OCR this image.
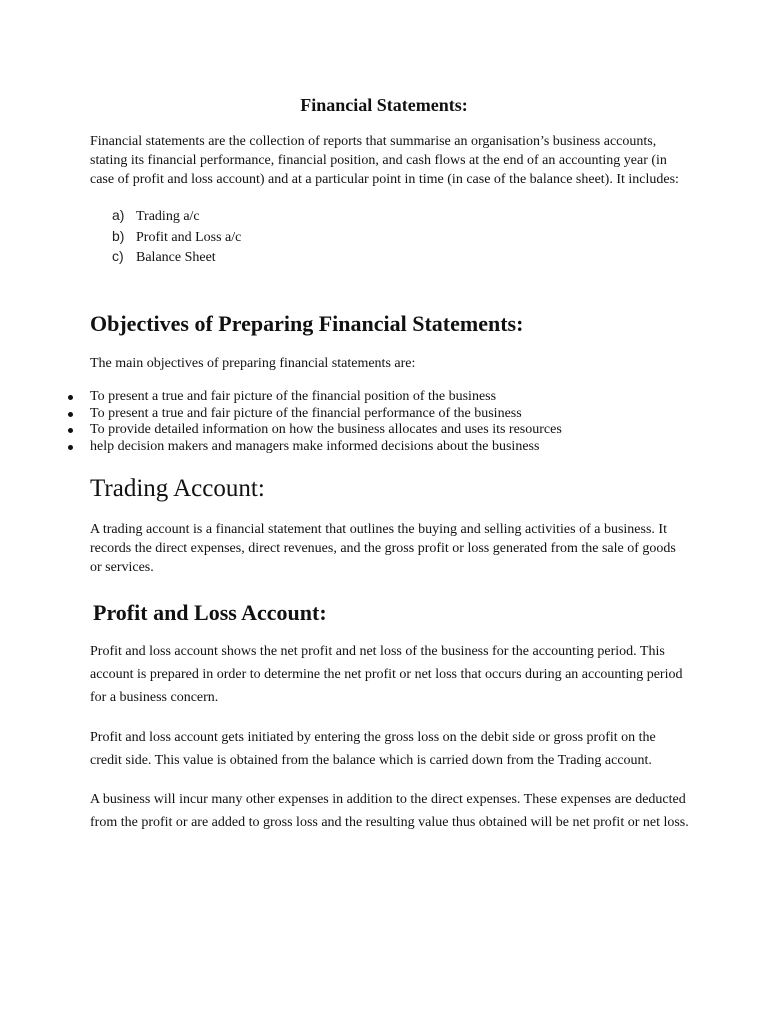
Financial Statements:

Financial statements are the collection of reports that summarise an organisation’s business accounts, stating its financial performance, financial position, and cash flows at the end of an accounting year (in case of profit and loss account) and at a particular point in time (in case of the balance sheet). It includes:

a) Trading a/c
b) Profit and Loss a/c
c) Balance Sheet
Objectives of Preparing Financial Statements:

The main objectives of preparing financial statements are:

To present a true and fair picture of the financial position of the business
To present a true and fair picture of the financial performance of the business
To provide detailed information on how the business allocates and uses its resources
help decision makers and managers make informed decisions about the business
Trading Account:

A trading account is a financial statement that outlines the buying and selling activities of a business. It records the direct expenses, direct revenues, and the gross profit or loss generated from the sale of goods or services.

Profit and Loss Account:

Profit and loss account shows the net profit and net loss of the business for the accounting period. This account is prepared in order to determine the net profit or net loss that occurs during an accounting period for a business concern.

Profit and loss account gets initiated by entering the gross loss on the debit side or gross profit on the credit side. This value is obtained from the balance which is carried down from the Trading account.

A business will incur many other expenses in addition to the direct expenses. These expenses are deducted from the profit or are added to gross loss and the resulting value thus obtained will be net profit or net loss.
